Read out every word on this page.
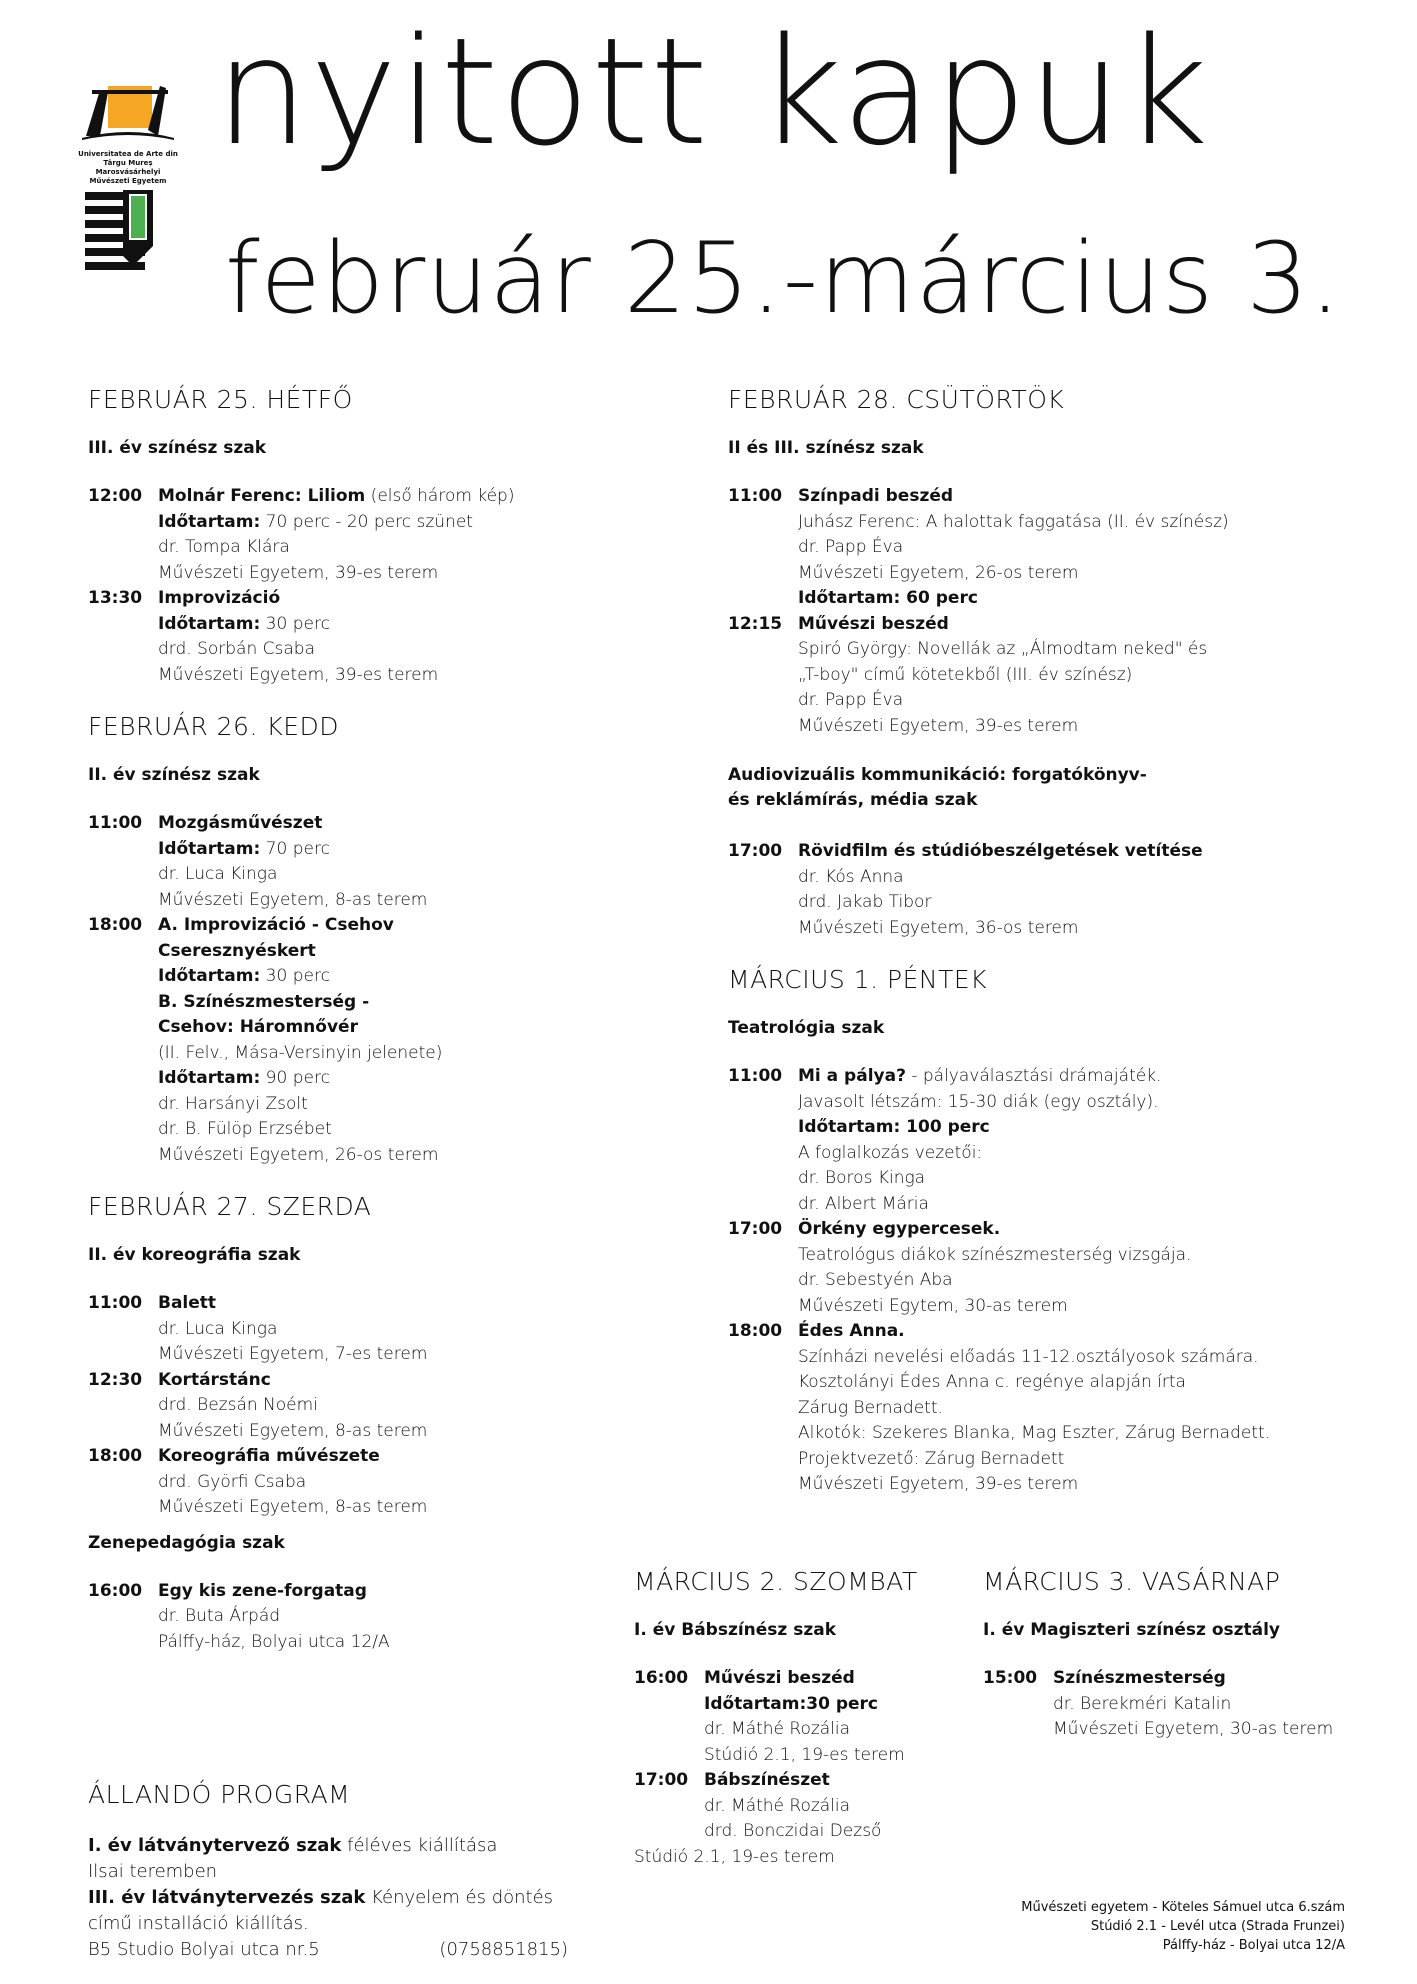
nyitott kapuk
február 25.-március 3.
Universitatea de Arte din Târgu Mureș
Marosvásárhelyi Művészeti Egyetem
FEBRUÁR 25. HÉTFŐ
III. év színész szak
12:00 Molnár Ferenc: Liliom (első három kép)
Időtartam: 70 perc - 20 perc szünet
dr. Tompa Klára
Művészeti Egyetem, 39-es terem
13:30 Improvizáció
Időtartam: 30 perc
drd. Sorbán Csaba
Művészeti Egyetem, 39-es terem
FEBRUÁR 26. KEDD
II. év színész szak
11:00 Mozgásművészet
Időtartam: 70 perc
dr. Luca Kinga
Művészeti Egyetem, 8-as terem
18:00 A. Improvizáció - Csehov
Cseresznyéskert
Időtartam: 30 perc
B. Színészmesterség -
Csehov: Háromnővér
(II. Felv., Mása-Versinyin jelenete)
Időtartam: 90 perc
dr. Harsányi Zsolt
dr. B. Fülöp Erzsébet
Művészeti Egyetem, 26-os terem
FEBRUÁR 27. SZERDA
II. év koreográfia szak
11:00 Balett
dr. Luca Kinga
Művészeti Egyetem, 7-es terem
12:30 Kortárstánc
drd. Bezsán Noémi
Művészeti Egyetem, 8-as terem
18:00 Koreográfia művészete
drd. Györfi Csaba
Művészeti Egyetem, 8-as terem
Zenepedagógia szak
16:00 Egy kis zene-forgatag
dr. Buta Árpád
Pálffy-ház, Bolyai utca 12/A
ÁLLANDÓ PROGRAM
I. év látványtervező szak féléves kiállítása
Ilsai teremben
III. év látványtervezés szak Kényelem és döntés
című installáció kiállítás.
B5 Studio Bolyai utca nr.5	(0758851815)
FEBRUÁR 28. CSÜTÖRTÖK
II és III. színész szak
11:00 Színpadi beszéd
Juhász Ferenc: A halottak faggatása (II. év színész)
dr. Papp Éva
Művészeti Egyetem, 26-os terem
Időtartam: 60 perc
12:15 Művészi beszéd
Spiró György: Novellák az „Álmodtam neked" és
„T-boy" című kötetekből (III. év színész)
dr. Papp Éva
Művészeti Egyetem, 39-es terem
Audiovizuális kommunikáció: forgatókönyv-
és reklámírás, média szak
17:00 Rövidfilm és stúdióbeszélgetések vetítése
dr. Kós Anna
drd. Jakab Tibor
Művészeti Egyetem, 36-os terem
MÁRCIUS 1. PÉNTEK
Teatrológia szak
11:00 Mi a pálya? - pályaválasztási drámajáték.
Javasolt létszám: 15-30 diák (egy osztály).
Időtartam: 100 perc
A foglalkozás vezetői:
dr. Boros Kinga
dr. Albert Mária
17:00 Örkény egypercesek.
Teatrológus diákok színészmesterség vizsgája.
dr. Sebestyén Aba
Művészeti Egytem, 30-as terem
18:00 Édes Anna.
Színházi nevelési előadás 11-12.osztályosok számára.
Kosztolányi Édes Anna c. regénye alapján írta
Zárug Bernadett.
Alkotók: Szekeres Blanka, Mag Eszter, Zárug Bernadett.
Projektvezető: Zárug Bernadett
Művészeti Egyetem, 39-es terem
MÁRCIUS 2. SZOMBAT
I. év Bábszínész szak
16:00 Művészi beszéd
Időtartam:30 perc
dr. Máthé Rozália
Stúdió 2.1, 19-es terem
17:00 Bábszínészet
dr. Máthé Rozália
drd. Bonczidai Dezső
Stúdió 2.1, 19-es terem
MÁRCIUS 3. VASÁRNAP
I. év Magiszteri színész osztály
15:00 Színészmesterség
dr. Berekméri Katalin
Művészeti Egyetem, 30-as terem
Művészeti egyetem - Köteles Sámuel utca 6.szám
Stúdió 2.1 - Levél utca (Strada Frunzei)
Pálffy-ház - Bolyai utca 12/A
